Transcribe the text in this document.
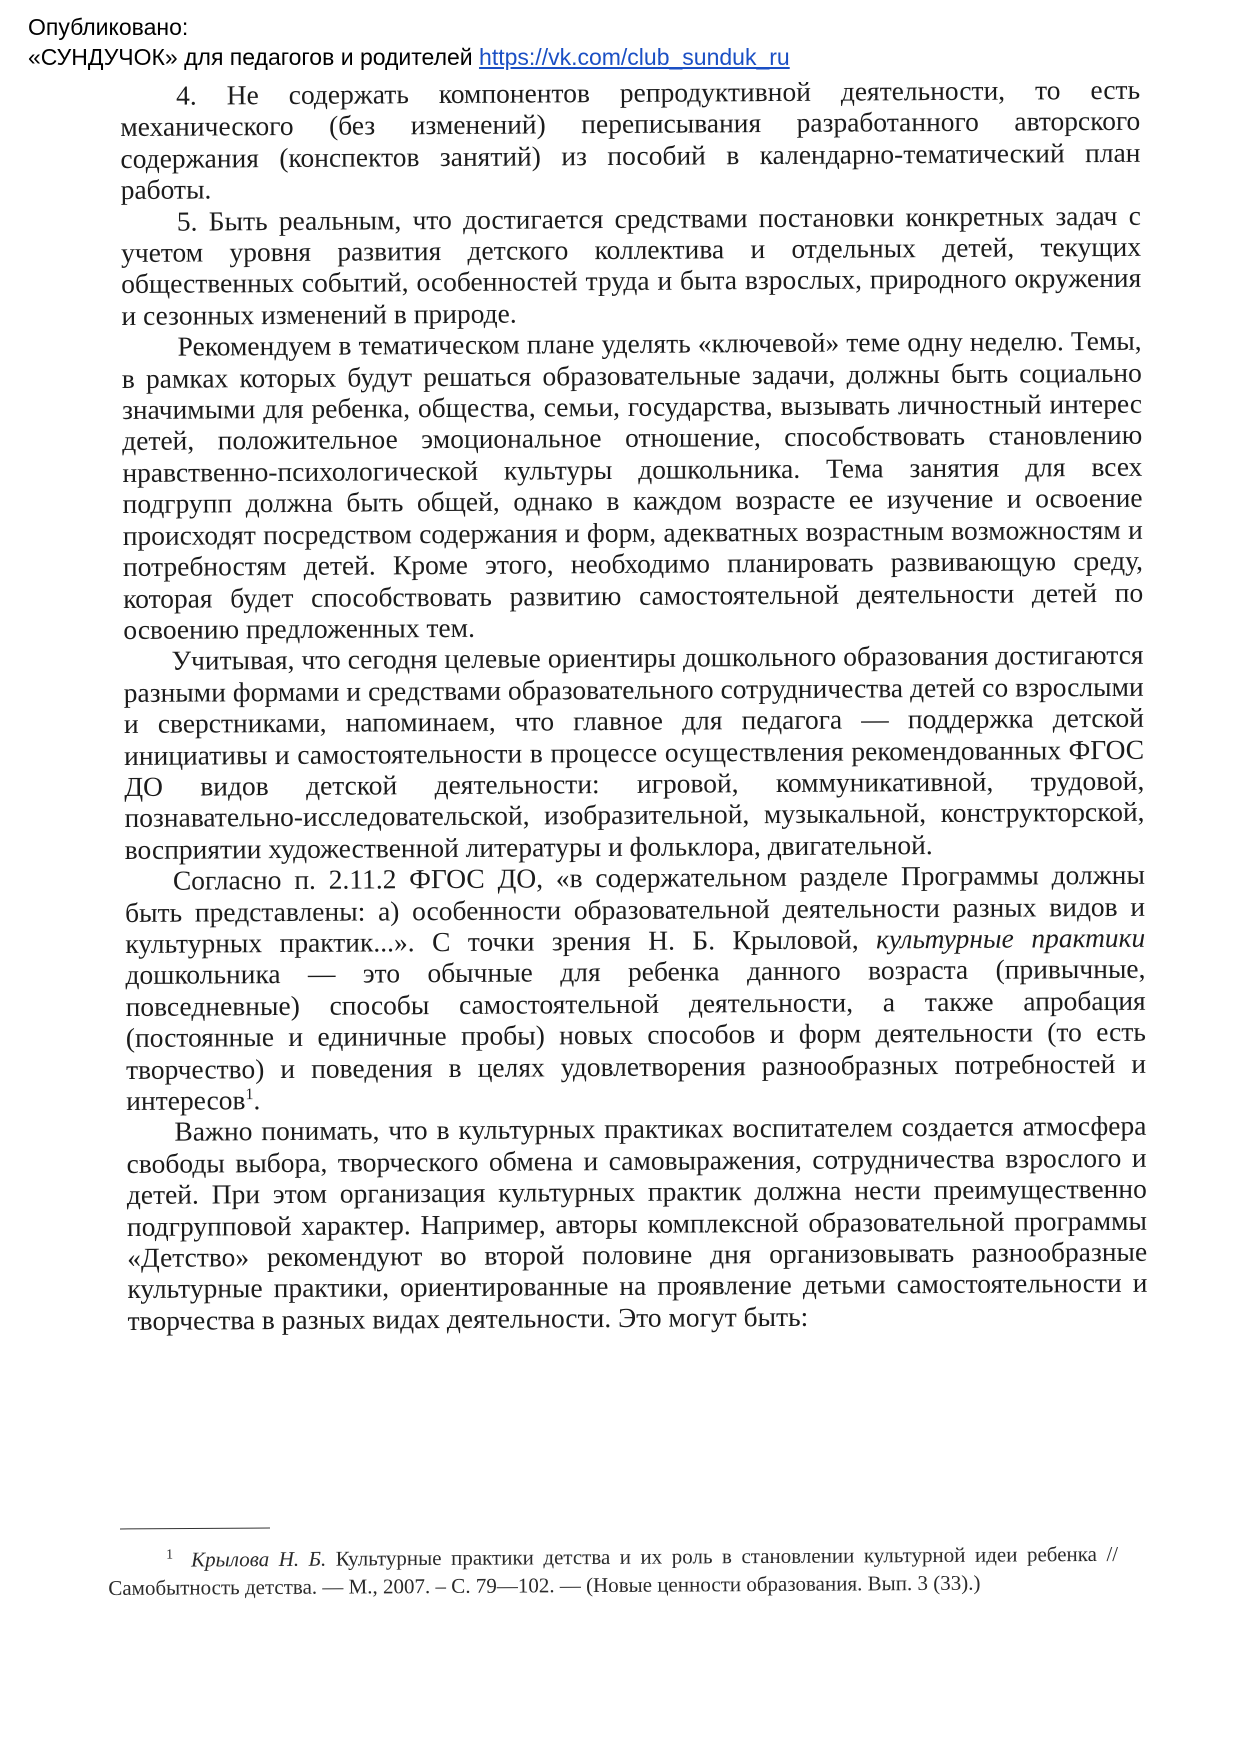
Опубликовано:
«СУНДУЧОК» для педагогов и родителей https://vk.com/club_sunduk_ru

4. Не содержать компонентов репродуктивной деятельности, то есть механического (без изменений) переписывания разработанного авторского содержания (конспектов занятий) из пособий в календарно-тематический план работы.

5. Быть реальным, что достигается средствами постановки конкретных задач с учетом уровня развития детского коллектива и отдельных детей, текущих общественных событий, особенностей труда и быта взрослых, природного окружения и сезонных изменений в природе.

Рекомендуем в тематическом плане уделять «ключевой» теме одну неделю. Темы, в рамках которых будут решаться образовательные задачи, должны быть социально значимыми для ребенка, общества, семьи, государства, вызывать личностный интерес детей, положительное эмоциональное отношение, способствовать становлению нравственно-психологической культуры дошкольника. Тема занятия для всех подгрупп должна быть общей, однако в каждом возрасте ее изучение и освоение происходят посредством содержания и форм, адекватных возрастным возможностям и потребностям детей. Кроме этого, необходимо планировать развивающую среду, которая будет способствовать развитию самостоятельной деятельности детей по освоению предложенных тем.

Учитывая, что сегодня целевые ориентиры дошкольного образования достигаются разными формами и средствами образовательного сотрудничества детей со взрослыми и сверстниками, напоминаем, что главное для педагога — поддержка детской инициативы и самостоятельности в процессе осуществления рекомендованных ФГОС ДО видов детской деятельности: игровой, коммуникативной, трудовой, познавательно-исследовательской, изобразительной, музыкальной, конструкторской, восприятии художественной литературы и фольклора, двигательной.

Согласно п. 2.11.2 ФГОС ДО, «в содержательном разделе Программы должны быть представлены: а) особенности образовательной деятельности разных видов и культурных практик...». С точки зрения Н. Б. Крыловой, культурные практики дошкольника — это обычные для ребенка данного возраста (привычные, повседневные) способы самостоятельной деятельности, а также апробация (постоянные и единичные пробы) новых способов и форм деятельности (то есть творчество) и поведения в целях удовлетворения разнообразных потребностей и интересов$^1$.

Важно понимать, что в культурных практиках воспитателем создается атмосфера свободы выбора, творческого обмена и самовыражения, сотрудничества взрослого и детей. При этом организация культурных практик должна нести преимущественно подгрупповой характер. Например, авторы комплексной образовательной программы «Детство» рекомендуют во второй половине дня организовывать разнообразные культурные практики, ориентированные на проявление детьми самостоятельности и творчества в разных видах деятельности. Это могут быть:

$^1$ Крылова Н. Б. Культурные практики детства и их роль в становлении культурной идеи ребенка // Самобытность детства. — М., 2007. – С. 79—102. — (Новые ценности образования. Вып. 3 (33).)
